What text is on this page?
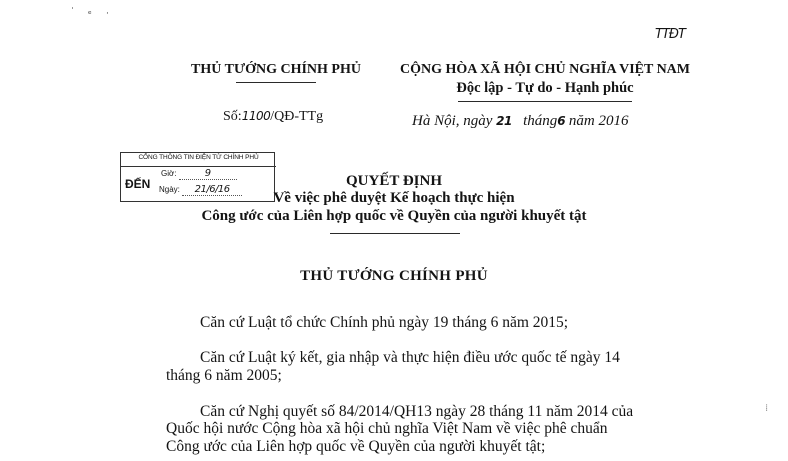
˙ ᵉ ·
⁞
TTĐT
THỦ TƯỚNG CHÍNH PHỦ	CỘNG HÒA XÃ HỘI CHỦ NGHĨA VIỆT NAM
Độc lập - Tự do - Hạnh phúc
Số:1100/QĐ-TTg	Hà Nội, ngày 21 tháng6 năm 2016
CỔNG THÔNG TIN ĐIỆN TỬ CHÍNH PHỦ
ĐẾN
Giờ:	9
Ngày: 21/6/16
QUYẾT ĐỊNH
Về việc phê duyệt Kế hoạch thực hiện
Công ước của Liên hợp quốc về Quyền của người khuyết tật
THỦ TƯỚNG CHÍNH PHỦ
Căn cứ Luật tổ chức Chính phủ ngày 19 tháng 6 năm 2015;
Căn cứ Luật ký kết, gia nhập và thực hiện điều ước quốc tế ngày 14
tháng 6 năm 2005;
Căn cứ Nghị quyết số 84/2014/QH13 ngày 28 tháng 11 năm 2014 của
Quốc hội nước Cộng hòa xã hội chủ nghĩa Việt Nam về việc phê chuẩn
Công ước của Liên hợp quốc về Quyền của người khuyết tật;
